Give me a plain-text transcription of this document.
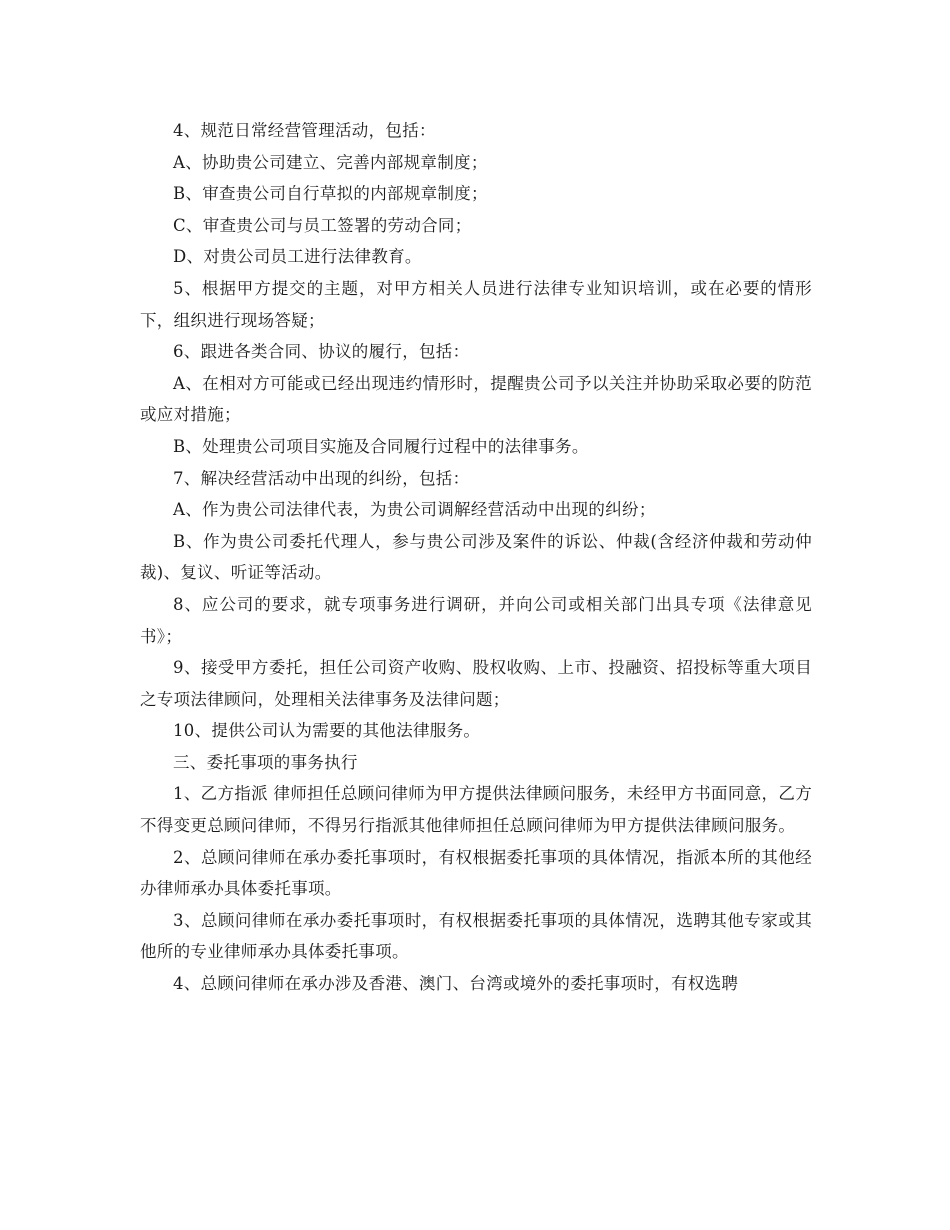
4、规范日常经营管理活动，包括：

A、协助贵公司建立、完善内部规章制度；

B、审查贵公司自行草拟的内部规章制度；

C、审查贵公司与员工签署的劳动合同；

D、对贵公司员工进行法律教育。

5、根据甲方提交的主题，对甲方相关人员进行法律专业知识培训，或在必要的情形下，组织进行现场答疑；

6、跟进各类合同、协议的履行，包括：

A、在相对方可能或已经出现违约情形时，提醒贵公司予以关注并协助采取必要的防范或应对措施；

B、处理贵公司项目实施及合同履行过程中的法律事务。

7、解决经营活动中出现的纠纷，包括：

A、作为贵公司法律代表，为贵公司调解经营活动中出现的纠纷；

B、作为贵公司委托代理人，参与贵公司涉及案件的诉讼、仲裁(含经济仲裁和劳动仲裁)、复议、听证等活动。

8、应公司的要求，就专项事务进行调研，并向公司或相关部门出具专项《法律意见书》；

9、接受甲方委托，担任公司资产收购、股权收购、上市、投融资、招投标等重大项目之专项法律顾问，处理相关法律事务及法律问题；

10、提供公司认为需要的其他法律服务。

三、委托事项的事务执行

1、乙方指派 律师担任总顾问律师为甲方提供法律顾问服务，未经甲方书面同意，乙方不得变更总顾问律师，不得另行指派其他律师担任总顾问律师为甲方提供法律顾问服务。

2、总顾问律师在承办委托事项时，有权根据委托事项的具体情况，指派本所的其他经办律师承办具体委托事项。

3、总顾问律师在承办委托事项时，有权根据委托事项的具体情况，选聘其他专家或其他所的专业律师承办具体委托事项。

4、总顾问律师在承办涉及香港、澳门、台湾或境外的委托事项时，有权选聘
